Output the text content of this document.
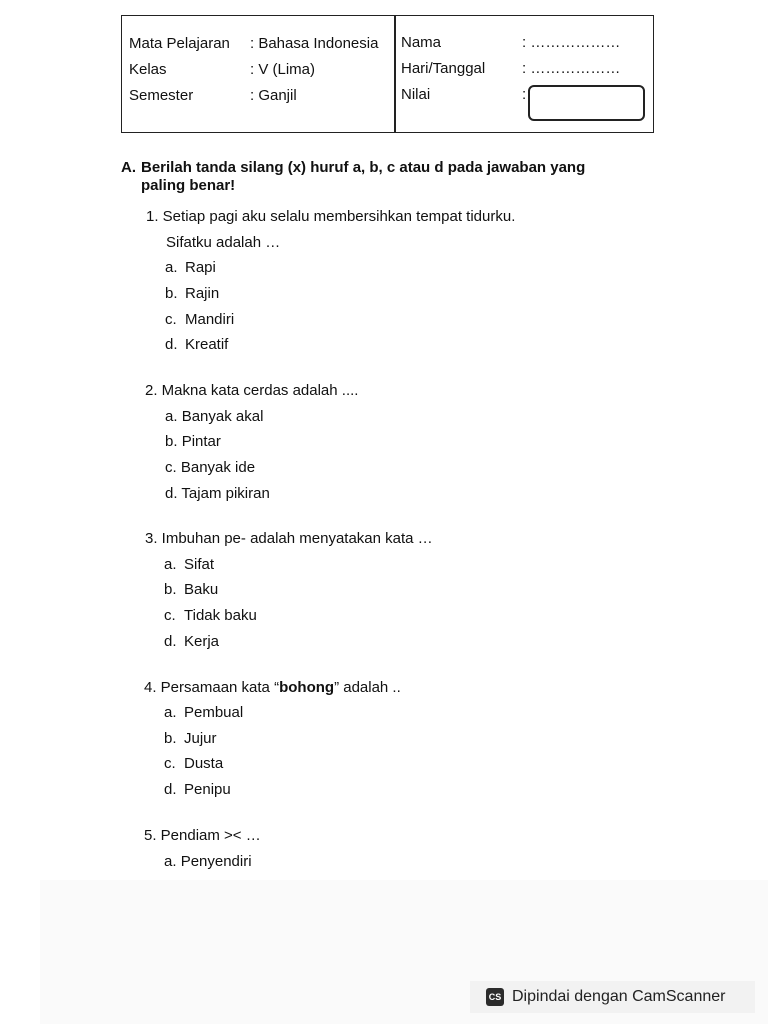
Mata Pelajaran : Bahasa Indonesia
Kelas	: V (Lima)
Semester	: Ganjil
Nama	: ………………
Hari/Tanggal : ………………
Nilai	:
A. Berilah tanda silang (x) huruf a, b, c atau d pada jawaban yang
paling benar!
1. Setiap pagi aku selalu membersihkan tempat tidurku.
Sifatku adalah …
a. Rapi
b. Rajin
c. Mandiri
d. Kreatif
2. Makna kata cerdas adalah ....
a. Banyak akal
b. Pintar
c. Banyak ide
d. Tajam pikiran
3. Imbuhan pe- adalah menyatakan kata …
a. Sifat
b. Baku
c. Tidak baku
d. Kerja
4. Persamaan kata “bohong” adalah ..
a. Pembual
b. Jujur
c. Dusta
d. Penipu
5. Pendiam >< …
a. Penyendiri
CS Dipindai dengan CamScanner
